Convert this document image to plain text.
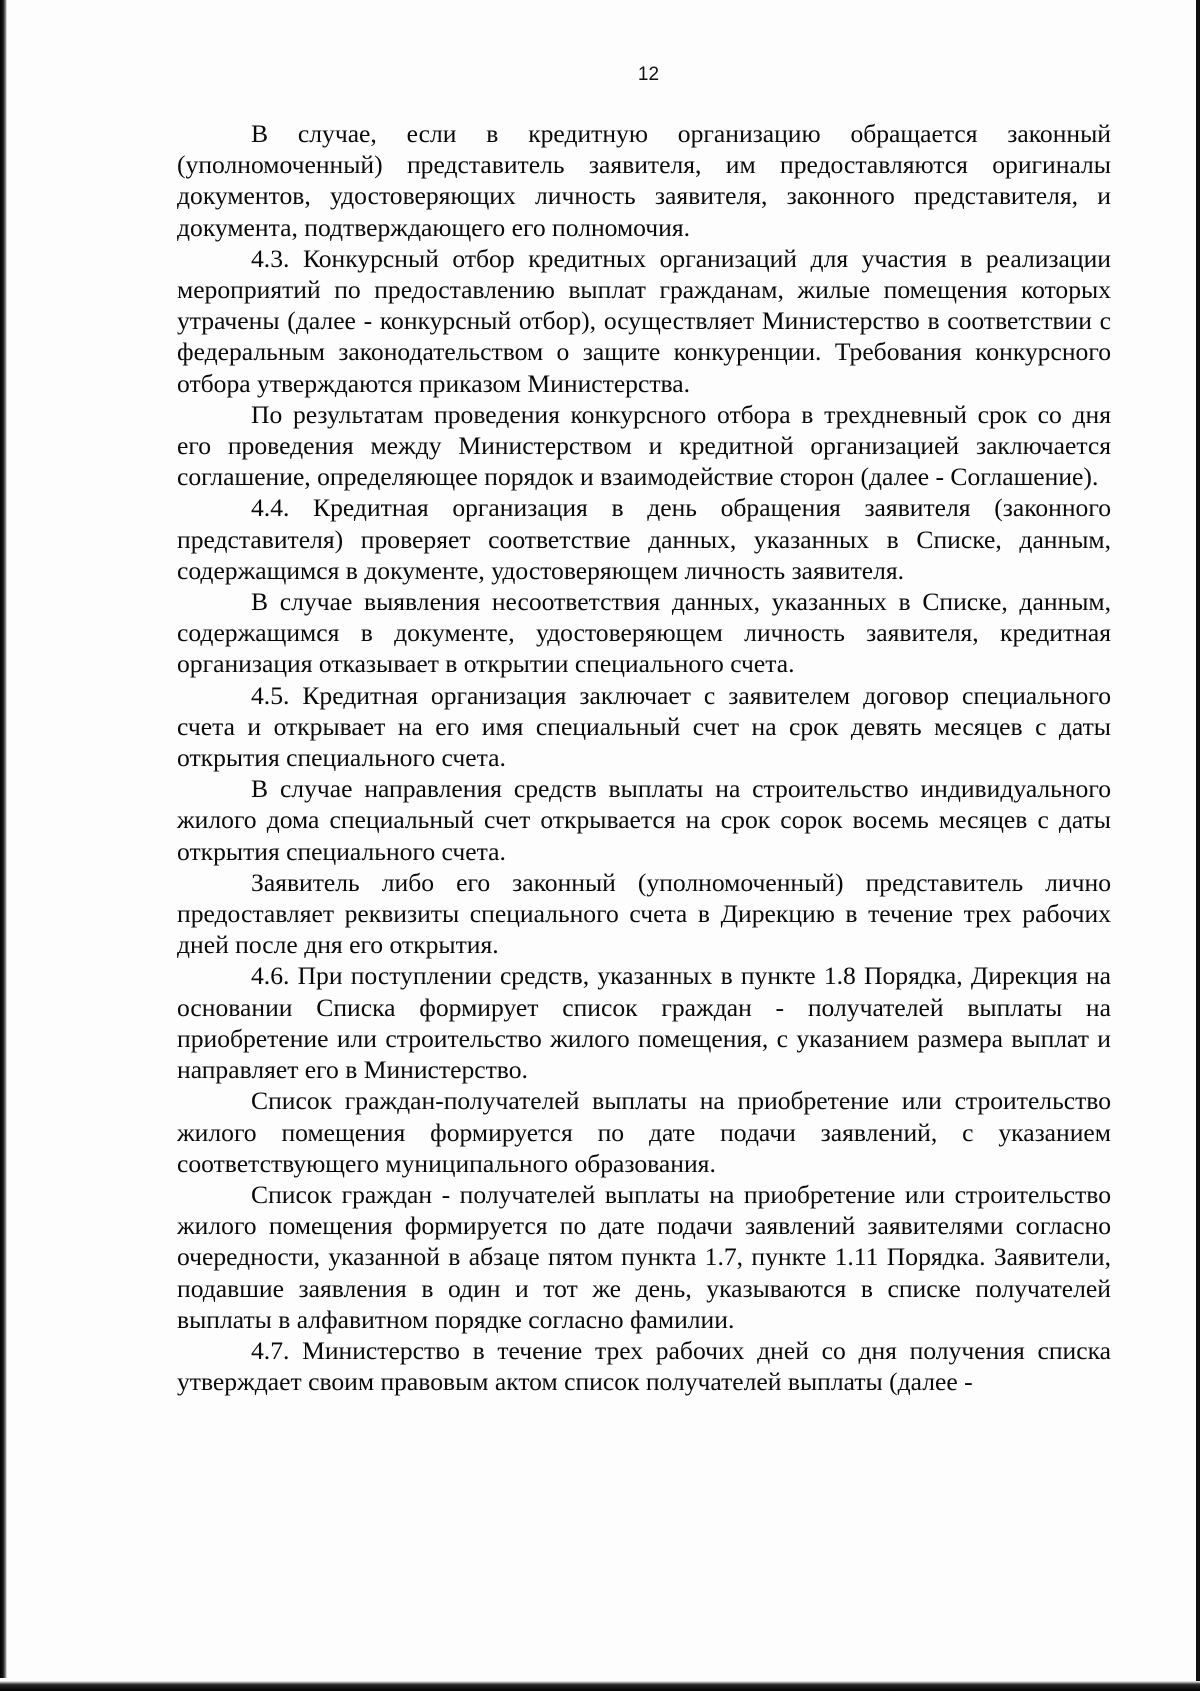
12

В случае, если в кредитную организацию обращается законный (уполномоченный) представитель заявителя, им предоставляются оригиналы документов, удостоверяющих личность заявителя, законного представителя, и документа, подтверждающего его полномочия.

4.3. Конкурсный отбор кредитных организаций для участия в реализации мероприятий по предоставлению выплат гражданам, жилые помещения которых утрачены (далее - конкурсный отбор), осуществляет Министерство в соответствии с федеральным законодательством о защите конкуренции. Требования конкурсного отбора утверждаются приказом Министерства.

По результатам проведения конкурсного отбора в трехдневный срок со дня его проведения между Министерством и кредитной организацией заключается соглашение, определяющее порядок и взаимодействие сторон (далее - Соглашение).

4.4. Кредитная организация в день обращения заявителя (законного представителя) проверяет соответствие данных, указанных в Списке, данным, содержащимся в документе, удостоверяющем личность заявителя.

В случае выявления несоответствия данных, указанных в Списке, данным, содержащимся в документе, удостоверяющем личность заявителя, кредитная организация отказывает в открытии специального счета.

4.5. Кредитная организация заключает с заявителем договор специального счета и открывает на его имя специальный счет на срок девять месяцев с даты открытия специального счета.

В случае направления средств выплаты на строительство индивидуального жилого дома специальный счет открывается на срок сорок восемь месяцев с даты открытия специального счета.

Заявитель либо его законный (уполномоченный) представитель лично предоставляет реквизиты специального счета в Дирекцию в течение трех рабочих дней после дня его открытия.

4.6. При поступлении средств, указанных в пункте 1.8 Порядка, Дирекция на основании Списка формирует список граждан - получателей выплаты на приобретение или строительство жилого помещения, с указанием размера выплат и направляет его в Министерство.

Список граждан-получателей выплаты на приобретение или строительство жилого помещения формируется по дате подачи заявлений, с указанием соответствующего муниципального образования.

Список граждан - получателей выплаты на приобретение или строительство жилого помещения формируется по дате подачи заявлений заявителями согласно очередности, указанной в абзаце пятом пункта 1.7, пункте 1.11 Порядка. Заявители, подавшие заявления в один и тот же день, указываются в списке получателей выплаты в алфавитном порядке согласно фамилии.

4.7. Министерство в течение трех рабочих дней со дня получения списка утверждает своим правовым актом список получателей выплаты (далее -
